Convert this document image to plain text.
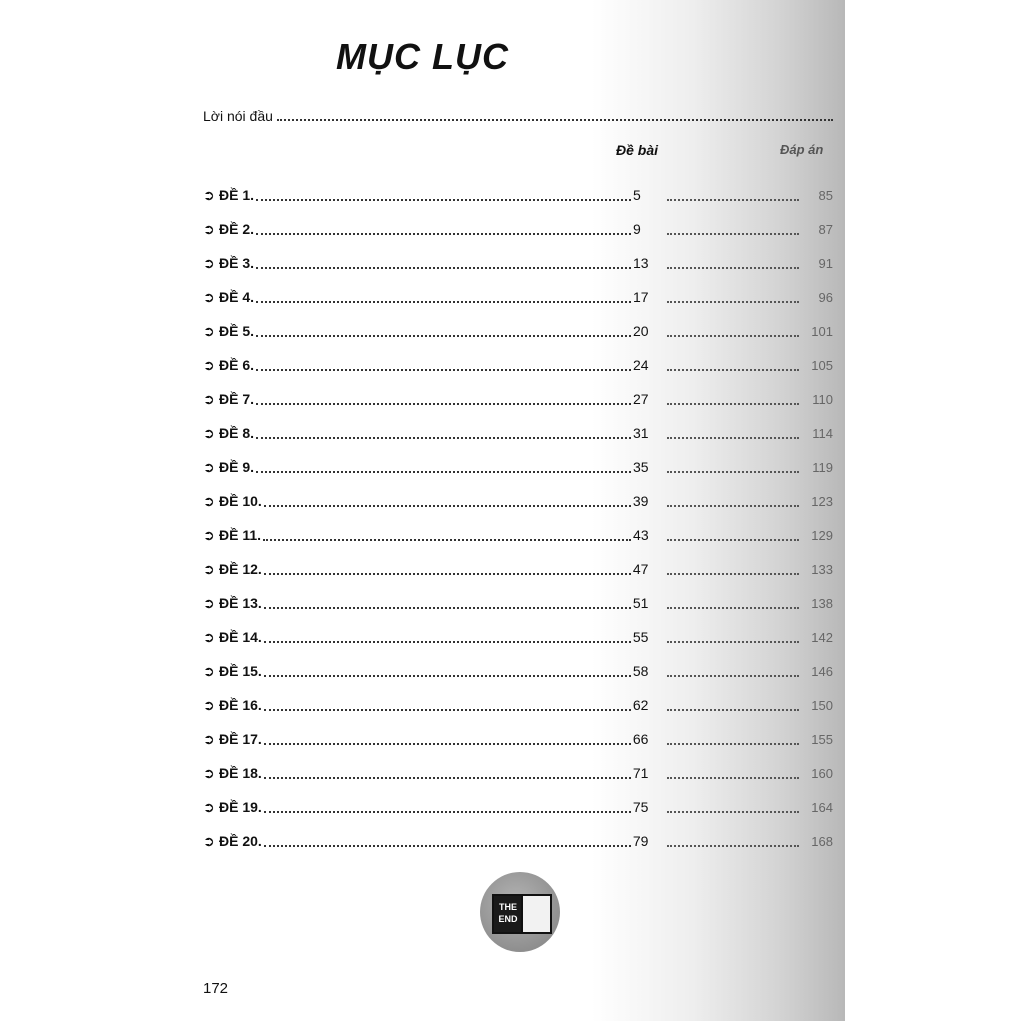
MỤC LỤC
Lời nói đầu
Đề bài	Đáp án
➲ ĐỀ 1.	5	85
➲ ĐỀ 2.	9	87
➲ ĐỀ 3.	13	91
➲ ĐỀ 4.	17	96
➲ ĐỀ 5.	20	101
➲ ĐỀ 6.	24	105
➲ ĐỀ 7.	27	110
➲ ĐỀ 8.	31	114
➲ ĐỀ 9.	35	119
➲ ĐỀ 10.	39	123
➲ ĐỀ 11.	43	129
➲ ĐỀ 12.	47	133
➲ ĐỀ 13.	51	138
➲ ĐỀ 14.	55	142
➲ ĐỀ 15.	58	146
➲ ĐỀ 16.	62	150
➲ ĐỀ 17.	66	155
➲ ĐỀ 18.	71	160
➲ ĐỀ 19.	75	164
➲ ĐỀ 20.	79	168
THE
END
172
